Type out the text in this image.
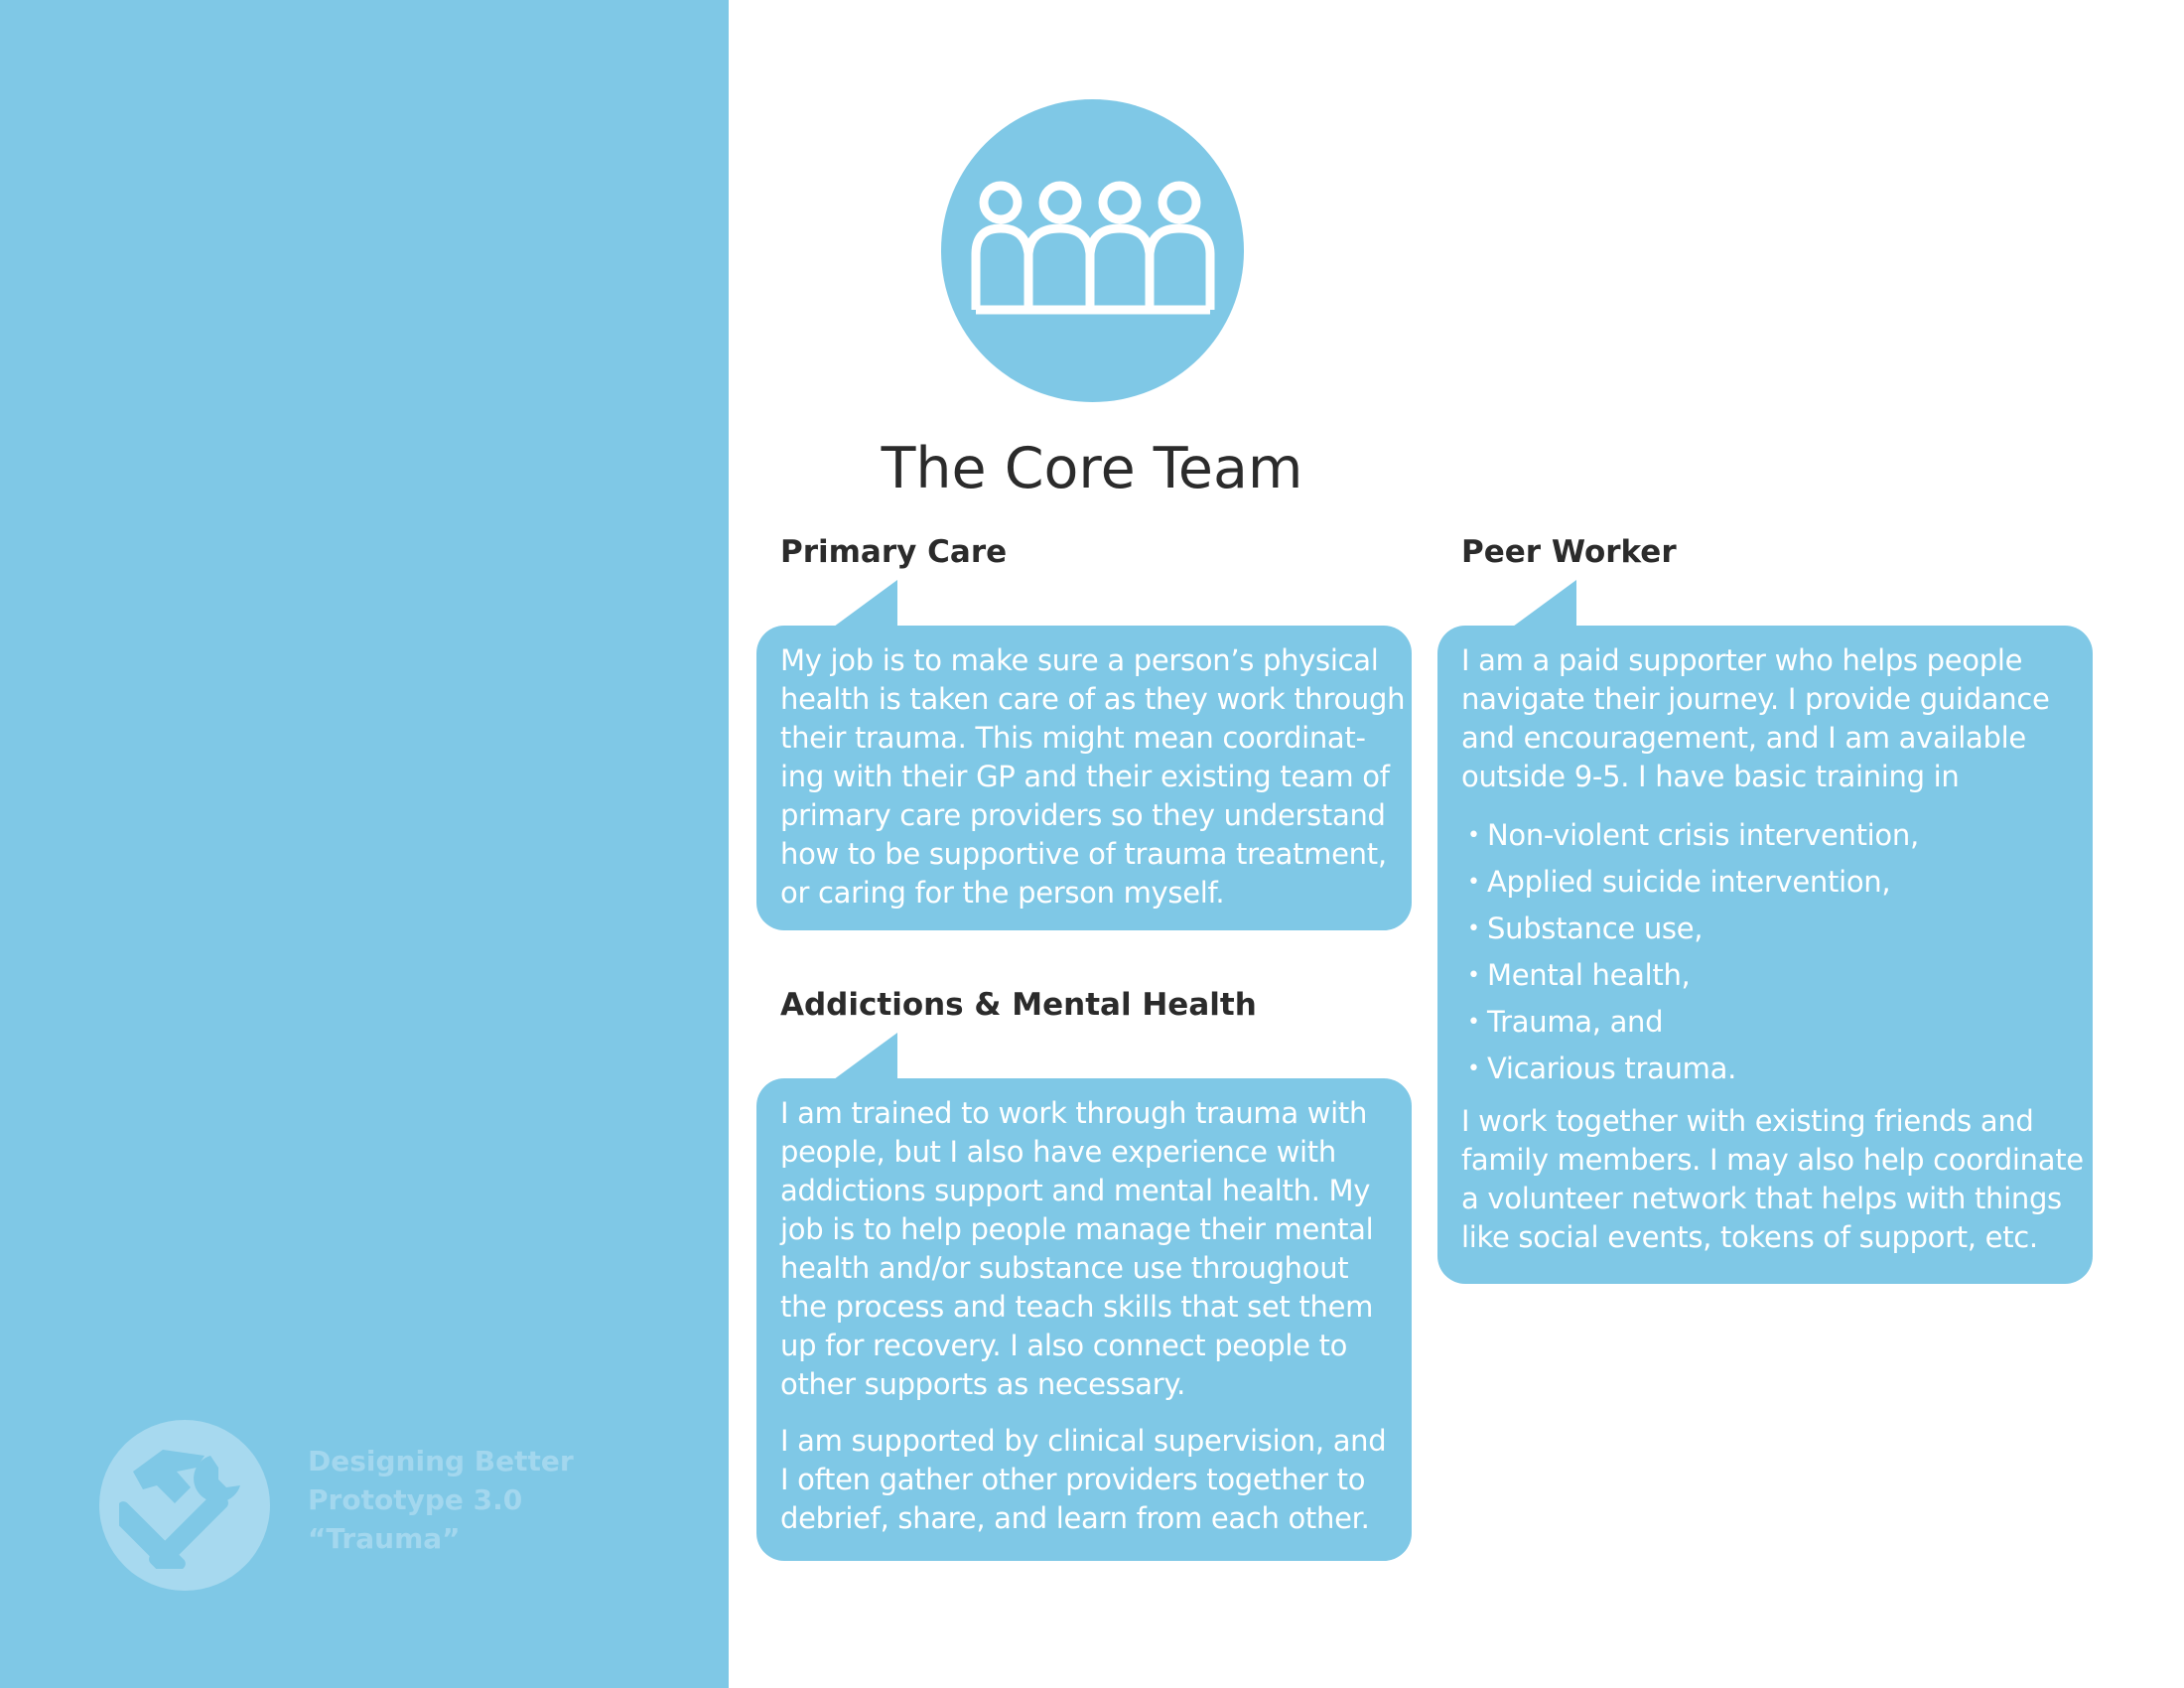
Designing Better
Prototype 3.0
“Trauma”
The Core Team
Primary Care
My job is to make sure a person’s physical
health is taken care of as they work through
their trauma. This might mean coordinat-
ing with their GP and their existing team of
primary care providers so they understand
how to be supportive of trauma treatment,
or caring for the person myself.
Addictions & Mental Health
I am trained to work through trauma with
people, but I also have experience with
addictions support and mental health. My
job is to help people manage their mental
health and/or substance use throughout
the process and teach skills that set them
up for recovery. I also connect people to
other supports as necessary.
I am supported by clinical supervision, and
I often gather other providers together to
debrief, share, and learn from each other.
Peer Worker
I am a paid supporter who helps people
navigate their journey. I provide guidance
and encouragement, and I am available
outside 9-5. I have basic training in
• Non-violent crisis intervention,
• Applied suicide intervention,
• Substance use,
• Mental health,
• Trauma, and
• Vicarious trauma.
I work together with existing friends and
family members. I may also help coordinate
a volunteer network that helps with things
like social events, tokens of support, etc.
